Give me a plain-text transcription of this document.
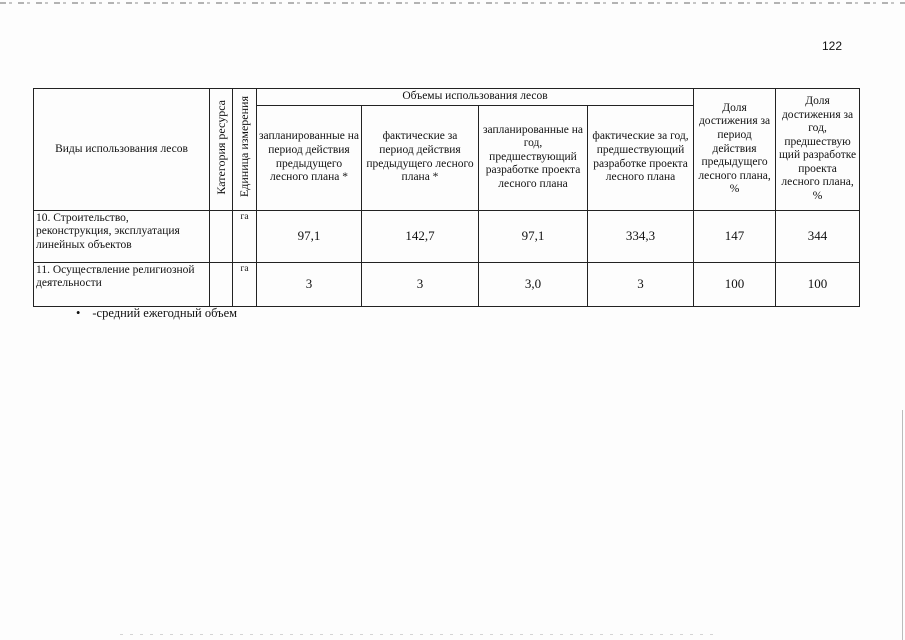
122
Виды использования лесов	Категория ресурса	Единица измерения	Объемы использования лесов				Доля достижения за период действия предыдущего лесного плана, %	Доля достижения за год, предшествую щий разработке проекта лесного плана, %
			запланированные на период действия предыдущего лесного плана *	фактические за период действия предыдущего лесного плана *	запланированные на год, предшествующий разработке проекта лесного плана	фактические за год, предшествующий разработке проекта лесного плана		
10. Строительство, реконструкция, эксплуатация линейных объектов		га	97,1	142,7	97,1	334,3	147	344
11. Осуществление религиозной деятельности		га	3	3	3,0	3	100	100
• -средний ежегодный объем
